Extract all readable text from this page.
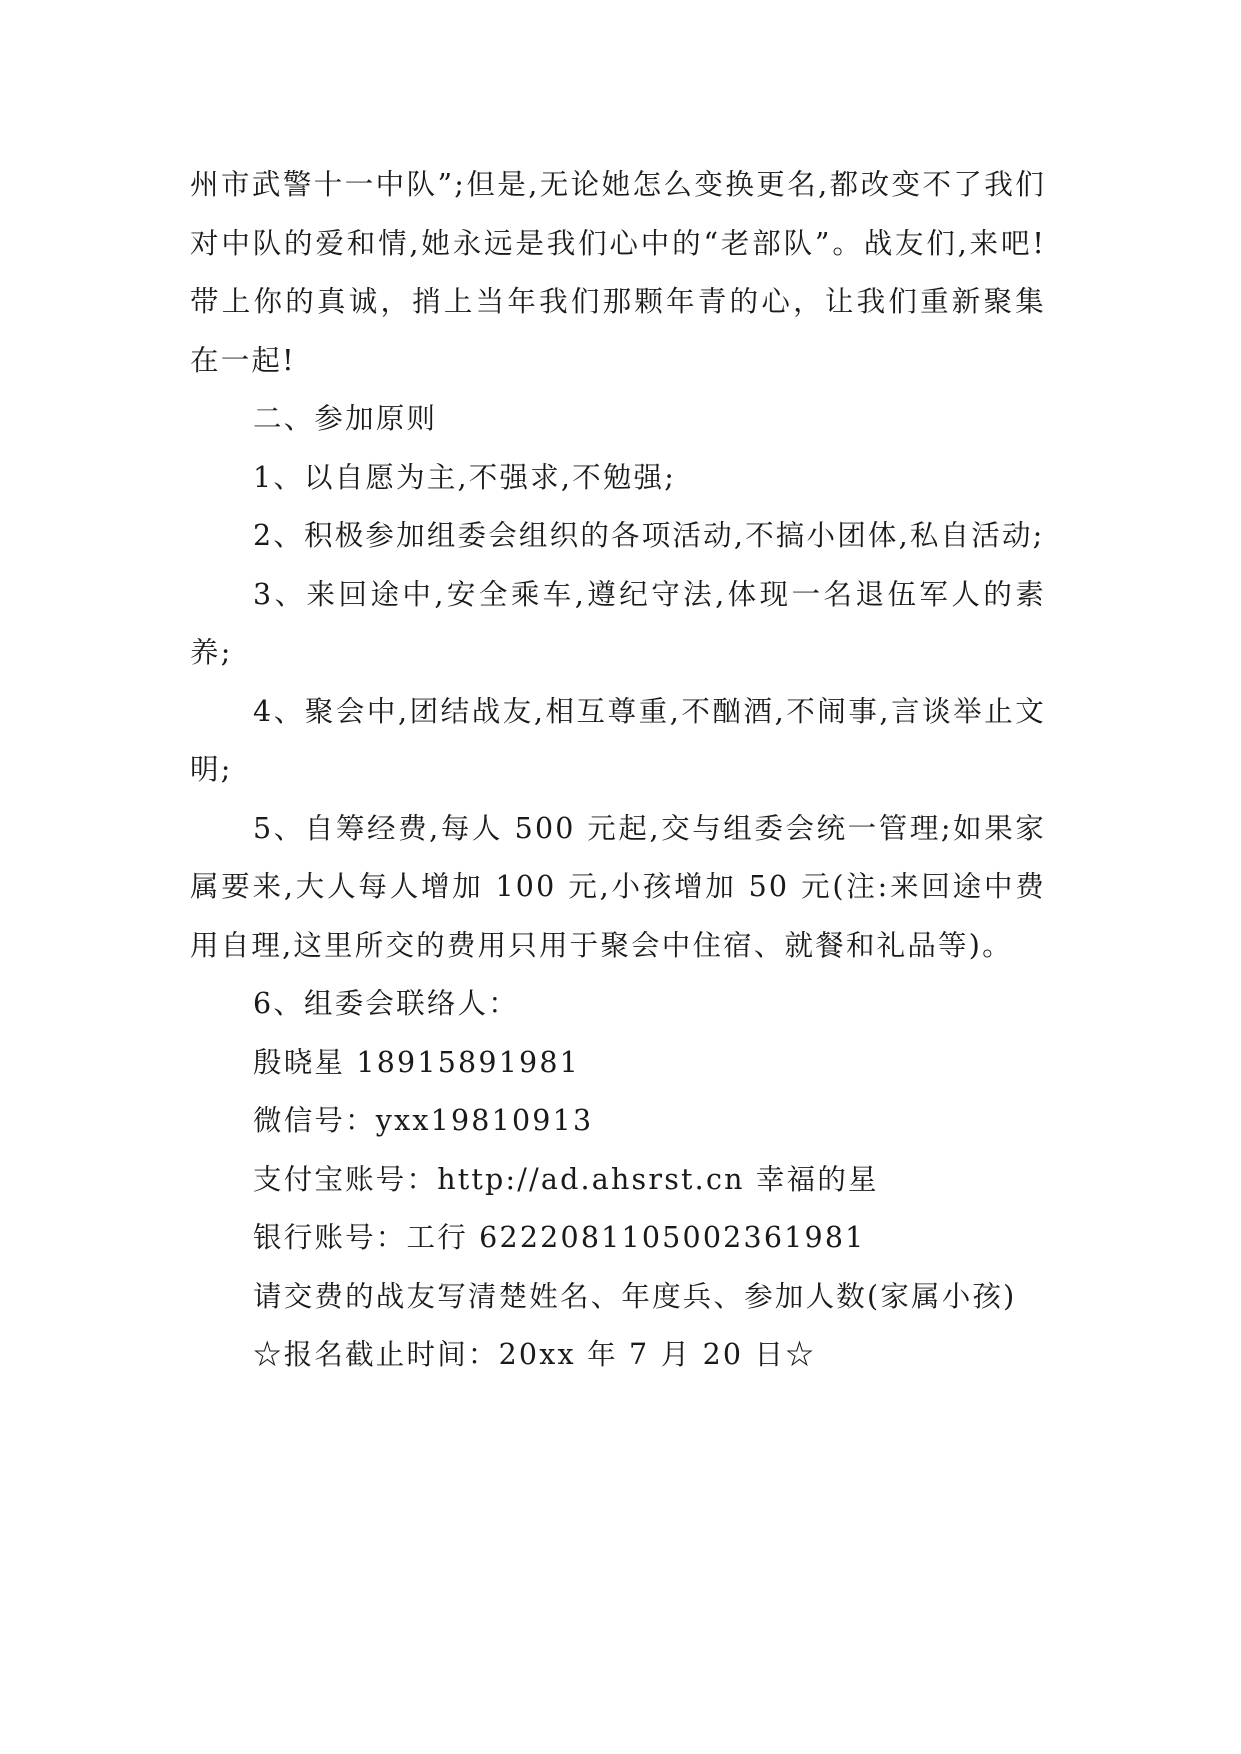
州市武警十一中队”;但是,无论她怎么变换更名,都改变不了我们对中队的爱和情,她永远是我们心中的“老部队”。战友们,来吧!带上你的真诚，捎上当年我们那颗年青的心，让我们重新聚集在一起!

二、参加原则

1、以自愿为主,不强求,不勉强;

2、积极参加组委会组织的各项活动,不搞小团体,私自活动;

3、来回途中,安全乘车,遵纪守法,体现一名退伍军人的素养;

4、聚会中,团结战友,相互尊重,不酗酒,不闹事,言谈举止文明;

5、自筹经费,每人 500 元起,交与组委会统一管理;如果家属要来,大人每人增加 100 元,小孩增加 50 元(注:来回途中费用自理,这里所交的费用只用于聚会中住宿、就餐和礼品等)。

6、组委会联络人：

殷晓星 18915891981

微信号：yxx19810913

支付宝账号：http://ad.ahsrst.cn 幸福的星

银行账号：工行 6222081105002361981

请交费的战友写清楚姓名、年度兵、参加人数(家属小孩)

☆报名截止时间：20xx 年 7 月 20 日☆
